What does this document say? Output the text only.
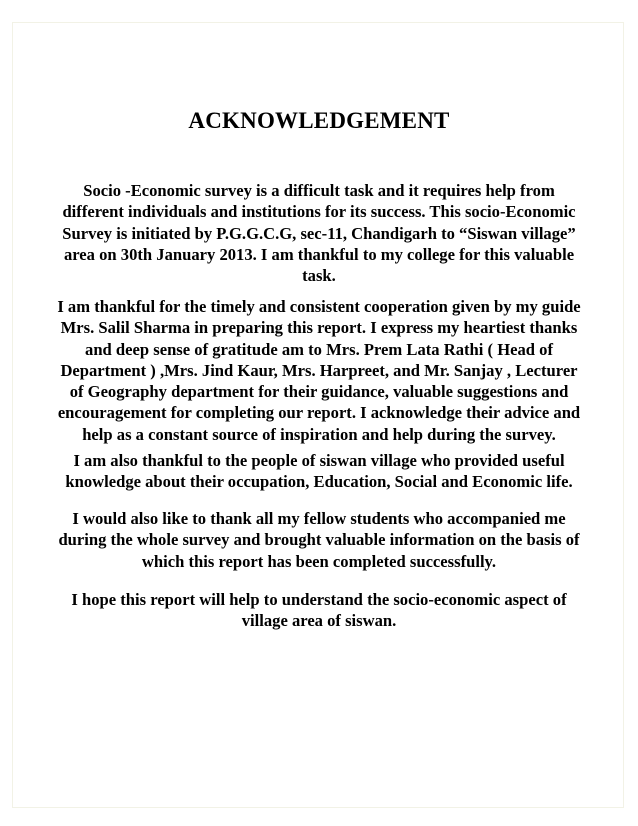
ACKNOWLEDGEMENT

Socio -Economic survey is a difficult task and it requires help from
different individuals and institutions for its success. This socio-Economic
Survey is initiated by P.G.G.C.G, sec-11, Chandigarh to “Siswan village”
area on 30th January 2013. I am thankful to my college for this valuable
task.

I am thankful for the timely and consistent cooperation given by my guide
Mrs. Salil Sharma in preparing this report. I express my heartiest thanks
and deep sense of gratitude am to Mrs. Prem Lata Rathi ( Head of
Department ) ,Mrs. Jind Kaur, Mrs. Harpreet, and Mr. Sanjay , Lecturer
of Geography department for their guidance, valuable suggestions and
encouragement for completing our report. I acknowledge their advice and
help as a constant source of inspiration and help during the survey.

I am also thankful to the people of siswan village who provided useful
knowledge about their occupation, Education, Social and Economic life.

I would also like to thank all my fellow students who accompanied me
during the whole survey and brought valuable information on the basis of
which this report has been completed successfully.

I hope this report will help to understand the socio-economic aspect of
village area of siswan.
